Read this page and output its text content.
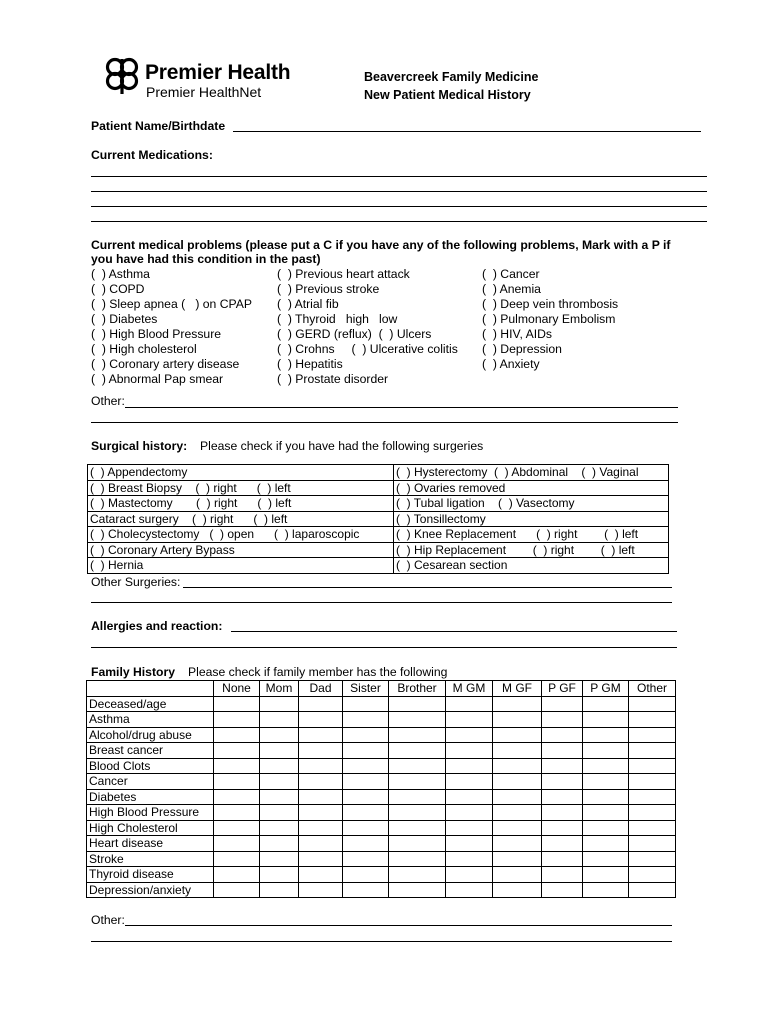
Premier Health
Premier HealthNet
Beavercreek Family Medicine
New Patient Medical History
Patient Name/Birthdate
Current Medications:
Current medical problems (please put a C if you have any of the following problems, Mark with a P if
you have had this condition in the past)
(  ) Asthma
(  ) COPD
(  ) Sleep apnea (   ) on CPAP
(  ) Diabetes
(  ) High Blood Pressure
(  ) High cholesterol
(  ) Coronary artery disease
(  ) Abnormal Pap smear
(  ) Previous heart attack
(  ) Previous stroke
(  ) Atrial fib
(  ) Thyroid   high   low
(  ) GERD (reflux)  (  ) Ulcers
(  ) Crohns     (  ) Ulcerative colitis
(  ) Hepatitis
(  ) Prostate disorder
(  ) Cancer
(  ) Anemia
(  ) Deep vein thrombosis
(  ) Pulmonary Embolism
(  ) HIV, AIDs
(  ) Depression
(  ) Anxiety
Other:
Surgical history: Please check if you have had the following surgeries
(  ) Appendectomy	(  ) Hysterectomy  (  ) Abdominal    (  ) Vaginal
(  ) Breast Biopsy    (  ) right      (  ) left	(  ) Ovaries removed
(  ) Mastectomy       (  ) right      (  ) left	(  ) Tubal ligation    (  ) Vasectomy
Cataract surgery    (  ) right      (  ) left	(  ) Tonsillectomy
(  ) Cholecystectomy   (  ) open      (  ) laparoscopic	(  ) Knee Replacement      (  ) right        (  ) left
(  ) Coronary Artery Bypass	(  ) Hip Replacement        (  ) right        (  ) left
(  ) Hernia	(  ) Cesarean section
Other Surgeries:
Allergies and reaction:
Family History Please check if family member has the following
	None	Mom	Dad	Sister	Brother	M GM	M GF	P GF	P GM	Other
Deceased/age										
Asthma										
Alcohol/drug abuse										
Breast cancer										
Blood Clots										
Cancer										
Diabetes										
High Blood Pressure										
High Cholesterol										
Heart disease										
Stroke										
Thyroid disease										
Depression/anxiety										
Other:
